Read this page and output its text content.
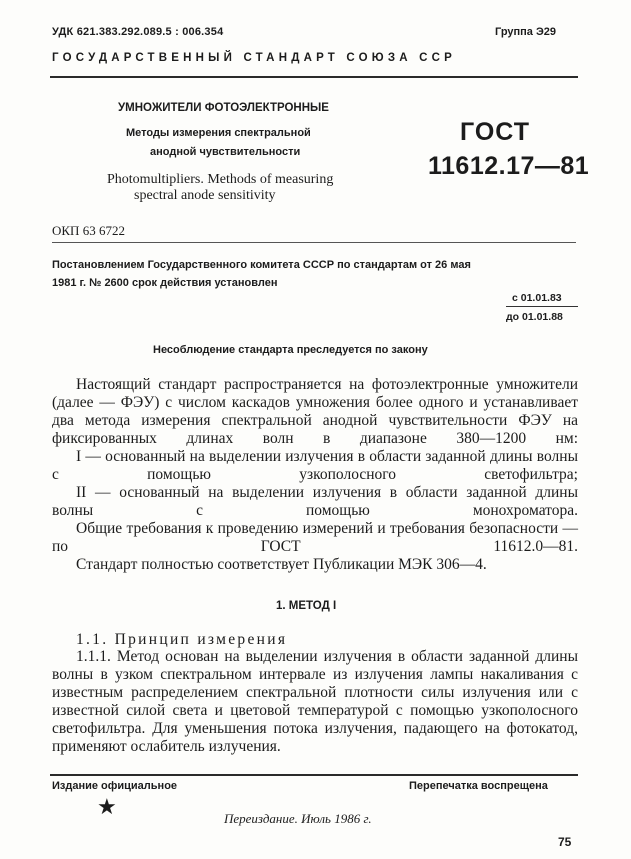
УДК 621.383.292.089.5 : 006.354	Группа Э29
ГОСУДАРСТВЕННЫЙ СТАНДАРТ СОЮЗА ССР
УМНОЖИТЕЛИ ФОТОЭЛЕКТРОННЫЕ
Методы измерения спектральной
анодной чувствительности
Photomultipliers. Methods of measuring
spectral anode sensitivity
ГОСТ
11612.17—81
ОКП 63 6722
Постановлением Государственного комитета СССР по стандартам от 26 мая
1981 г. № 2600 срок действия установлен
с 01.01.83
до 01.01.88
Несоблюдение стандарта преследуется по закону

Настоящий стандарт распространяется на фотоэлектронные умножители (далее — ФЭУ) с числом каскадов умножения более одного и устанавливает два метода измерения спектральной анодной чувствительности ФЭУ на фиксированных длинах волн в диапазоне 380—1200 нм:

I — основанный на выделении излучения в области заданной длины волны с помощью узкополосного светофильтра;

II — основанный на выделении излучения в области заданной длины волны с помощью монохроматора.

Общие требования к проведению измерений и требования безопасности — по ГОСТ 11612.0—81.

Стандарт полностью соответствует Публикации МЭК 306—4.

1. МЕТОД I
1.1. Принцип измерения

1.1.1. Метод основан на выделении излучения в области заданной длины волны в узком спектральном интервале из излучения лампы накаливания с известным распределением спектральной плотности силы излучения или с известной силой света и цветовой температурой с помощью узкополосного светофильтра. Для уменьшения потока излучения, падающего на фотокатод, применяют ослабитель излучения.

Издание официальное	Перепечатка воспрещена
★	Переиздание. Июль 1986 г.
75
